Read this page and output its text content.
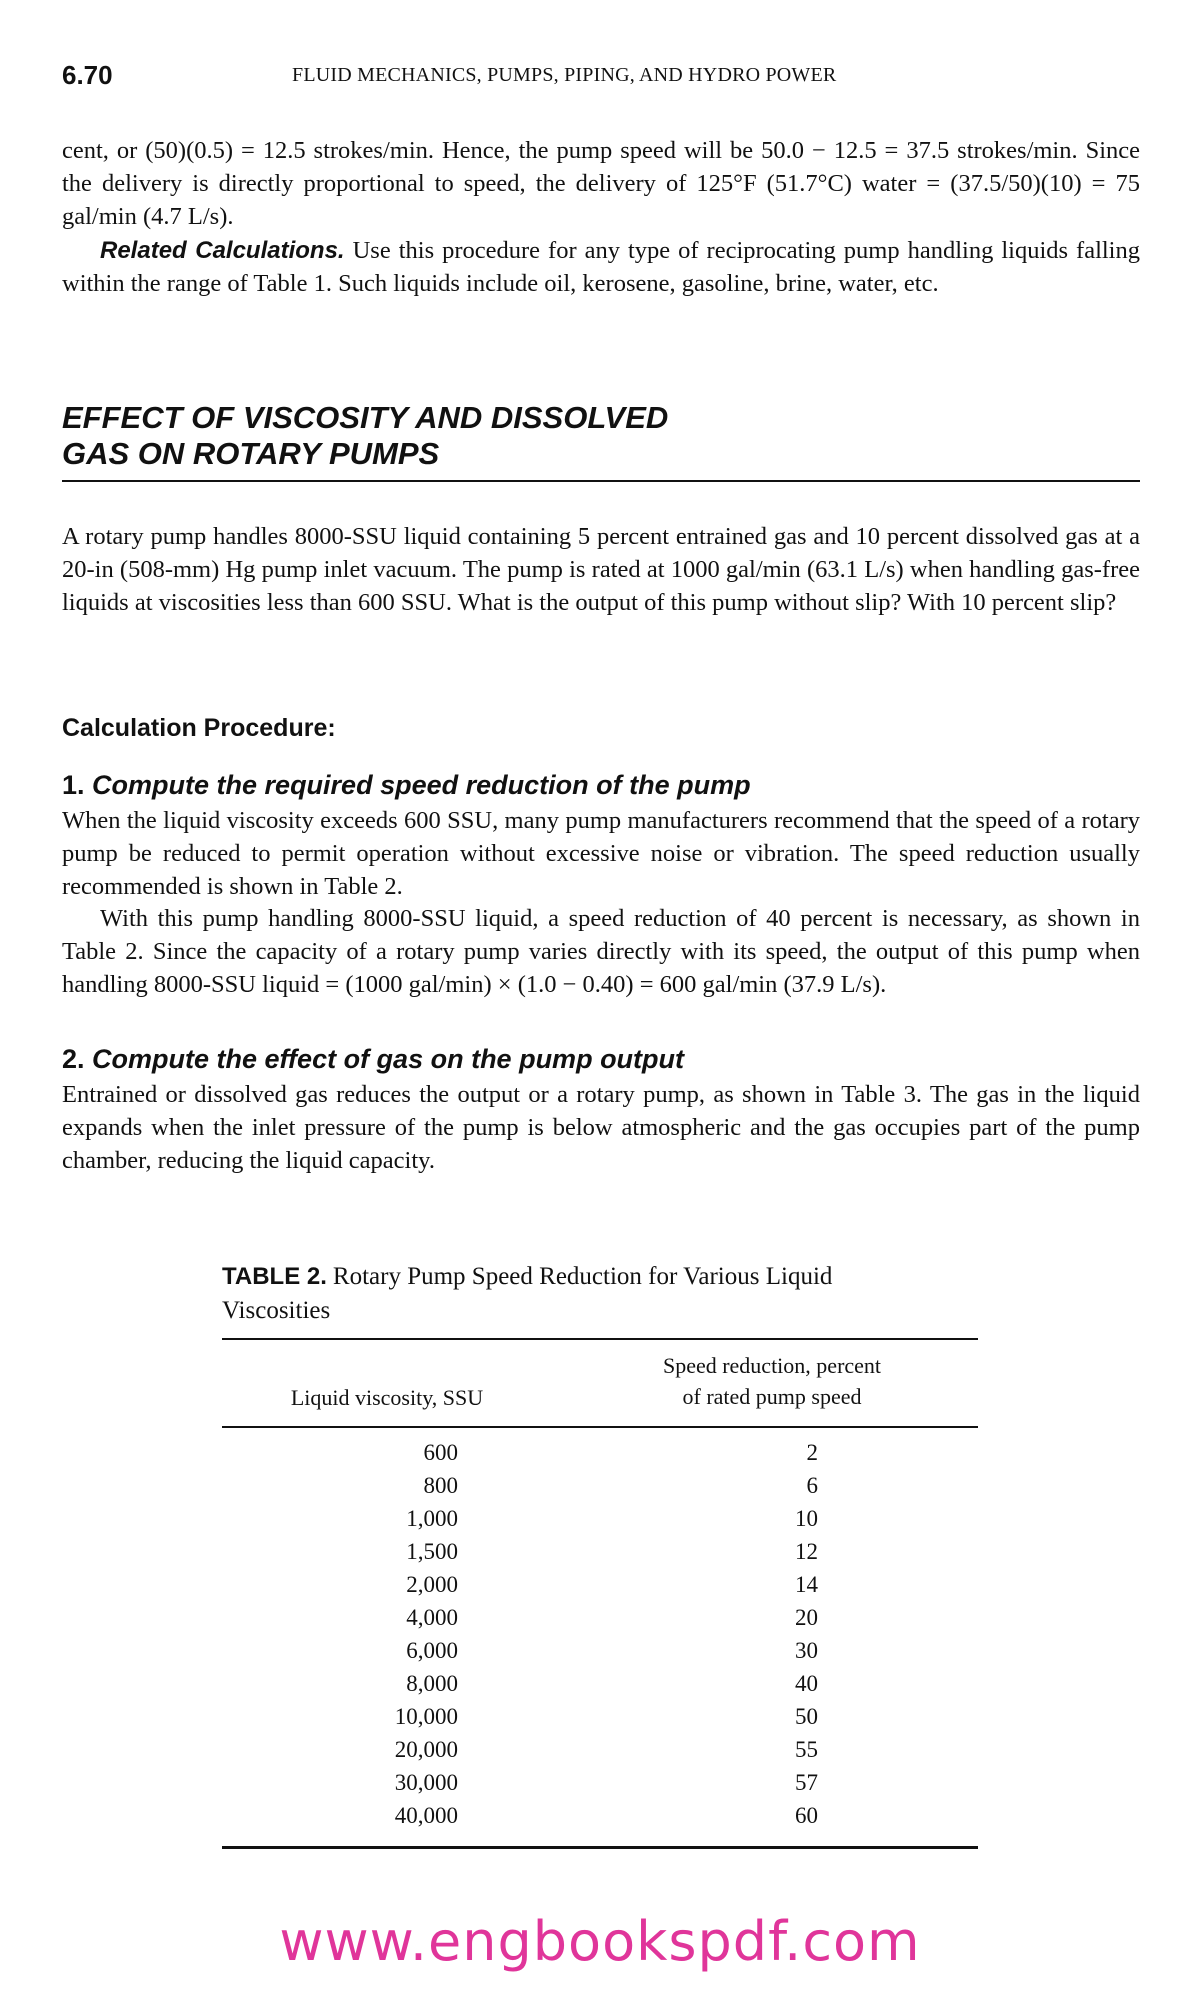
6.70	FLUID MECHANICS, PUMPS, PIPING, AND HYDRO POWER
cent, or (50)(0.5) = 12.5 strokes/min. Hence, the pump speed will be 50.0 − 12.5 = 37.5 strokes/min. Since the delivery is directly proportional to speed, the delivery of 125°F (51.7°C) water = (37.5/50)(10) = 75 gal/min (4.7 L/s).
Related Calculations. Use this procedure for any type of reciprocating pump handling liquids falling within the range of Table 1. Such liquids include oil, kerosene, gasoline, brine, water, etc.
EFFECT OF VISCOSITY AND DISSOLVED
GAS ON ROTARY PUMPS
A rotary pump handles 8000-SSU liquid containing 5 percent entrained gas and 10 percent dissolved gas at a 20-in (508-mm) Hg pump inlet vacuum. The pump is rated at 1000 gal/min (63.1 L/s) when handling gas-free liquids at viscosities less than 600 SSU. What is the output of this pump without slip? With 10 percent slip?
Calculation Procedure:
1. Compute the required speed reduction of the pump
When the liquid viscosity exceeds 600 SSU, many pump manufacturers recommend that the speed of a rotary pump be reduced to permit operation without excessive noise or vibration. The speed reduction usually recommended is shown in Table 2.
With this pump handling 8000-SSU liquid, a speed reduction of 40 percent is necessary, as shown in Table 2. Since the capacity of a rotary pump varies directly with its speed, the output of this pump when handling 8000-SSU liquid = (1000 gal/min) × (1.0 − 0.40) = 600 gal/min (37.9 L/s).
2. Compute the effect of gas on the pump output
Entrained or dissolved gas reduces the output or a rotary pump, as shown in Table 3. The gas in the liquid expands when the inlet pressure of the pump is below atmospheric and the gas occupies part of the pump chamber, reducing the liquid capacity.
TABLE 2. Rotary Pump Speed Reduction for Various Liquid Viscosities
Liquid viscosity, SSU
Speed reduction, percent
of rated pump speed
600	2
800	6
1,000	10
1,500	12
2,000	14
4,000	20
6,000	30
8,000	40
10,000	50
20,000	55
30,000	57
40,000	60
www.engbookspdf.com
